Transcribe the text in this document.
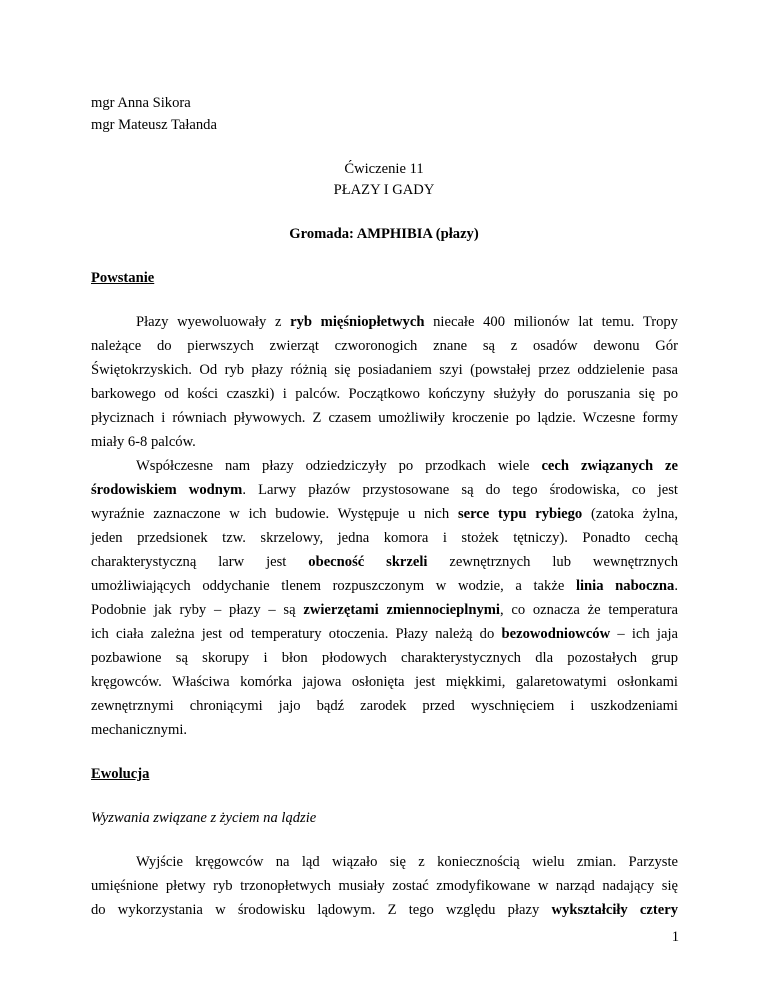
mgr Anna Sikora
mgr Mateusz Tałanda
Ćwiczenie 11
PŁAZY I GADY
Gromada: AMPHIBIA (płazy)
Powstanie
Płazy wyewoluowały z ryb mięśniopłetwych niecałe 400 milionów lat temu. Tropy
należące do pierwszych zwierząt czworonogich znane są z osadów dewonu Gór
Świętokrzyskich. Od ryb płazy różnią się posiadaniem szyi (powstałej przez oddzielenie pasa
barkowego od kości czaszki) i palców. Początkowo kończyny służyły do poruszania się po
płyciznach i równiach pływowych. Z czasem umożliwiły kroczenie po lądzie. Wczesne formy
miały 6-8 palców.
Współczesne nam płazy odziedziczyły po przodkach wiele cech związanych ze
środowiskiem wodnym. Larwy płazów przystosowane są do tego środowiska, co jest
wyraźnie zaznaczone w ich budowie. Występuje u nich serce typu rybiego (zatoka żylna,
jeden przedsionek tzw. skrzelowy, jedna komora i stożek tętniczy). Ponadto cechą
charakterystyczną larw jest obecność skrzeli zewnętrznych lub wewnętrznych
umożliwiających oddychanie tlenem rozpuszczonym w wodzie, a także linia naboczna.
Podobnie jak ryby – płazy – są zwierzętami zmiennocieplnymi, co oznacza że temperatura
ich ciała zależna jest od temperatury otoczenia. Płazy należą do bezowodniowców – ich jaja
pozbawione są skorupy i błon płodowych charakterystycznych dla pozostałych grup
kręgowców. Właściwa komórka jajowa osłonięta jest miękkimi, galaretowatymi osłonkami
zewnętrznymi chroniącymi jajo bądź zarodek przed wyschnięciem i uszkodzeniami
mechanicznymi.
Ewolucja
Wyzwania związane z życiem na lądzie
Wyjście kręgowców na ląd wiązało się z koniecznością wielu zmian. Parzyste
umięśnione płetwy ryb trzonopłetwych musiały zostać zmodyfikowane w narząd nadający się
do wykorzystania w środowisku lądowym. Z tego względu płazy wykształciły cztery
1
